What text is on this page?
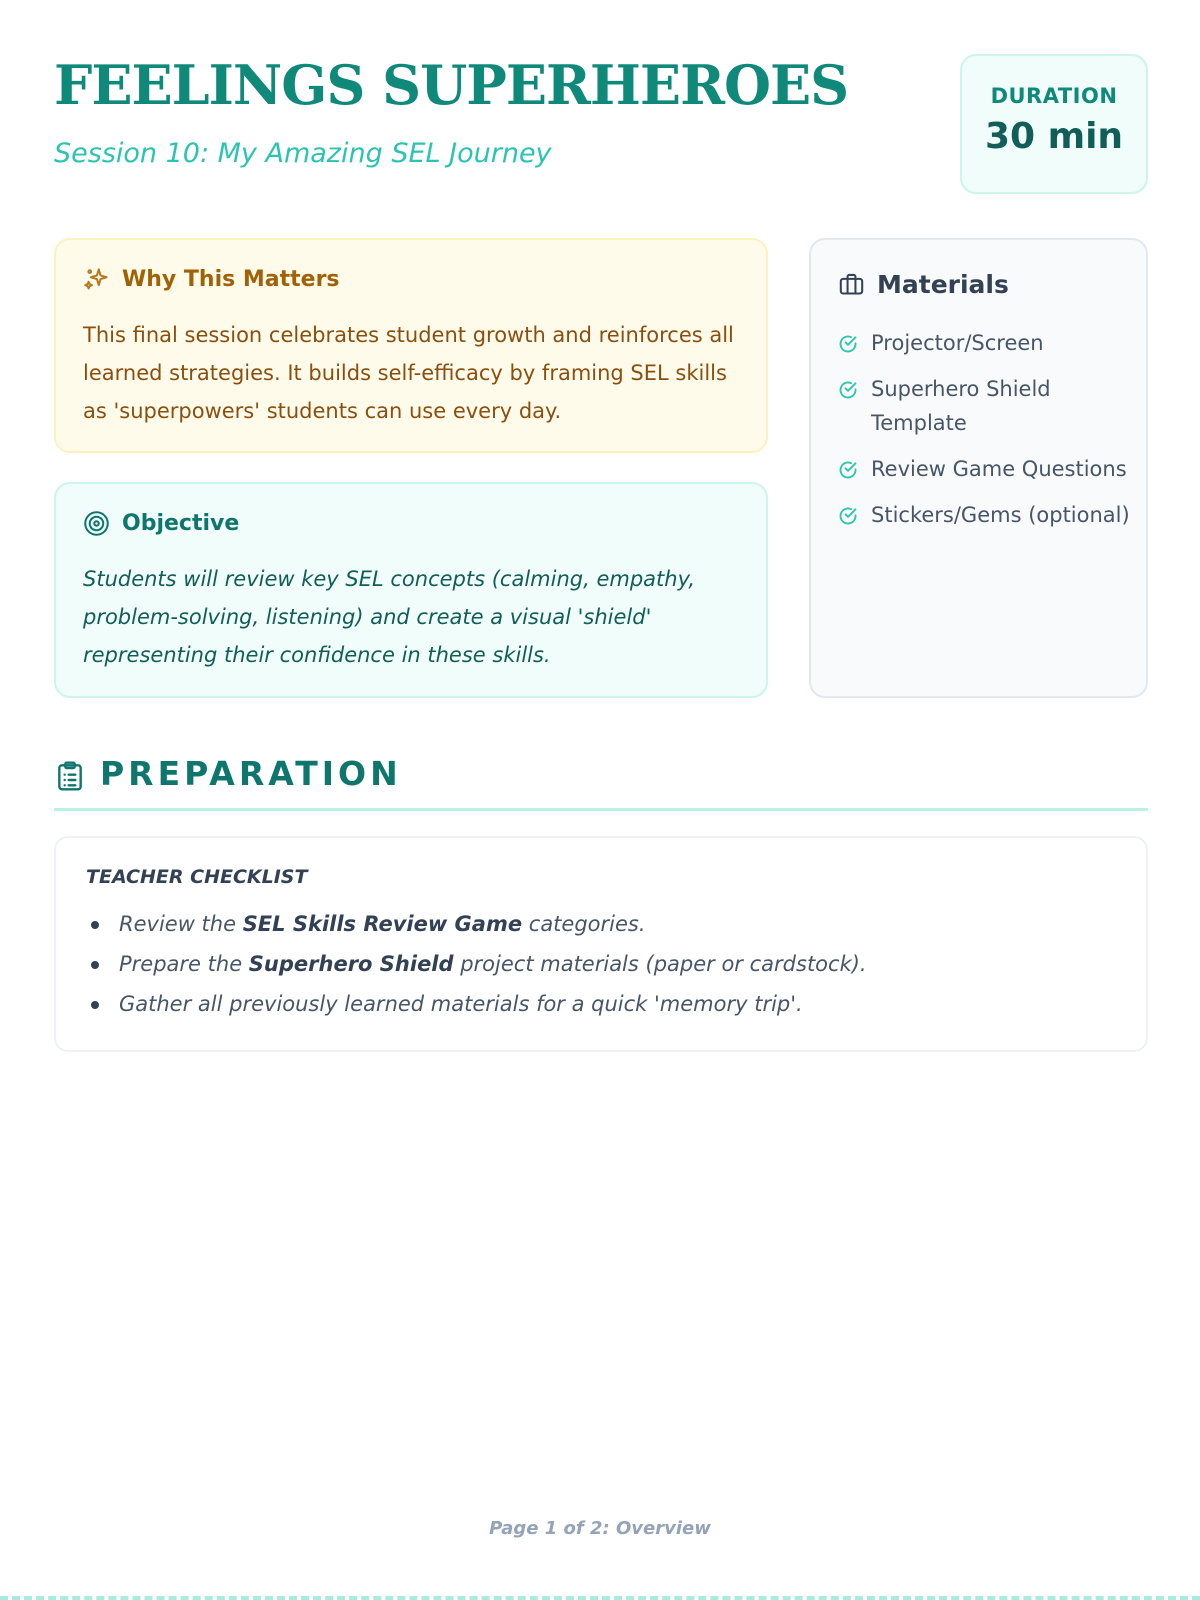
FEELINGS SUPERHEROES

Session 10: My Amazing SEL Journey

DURATION
30 min
Why This Matters

This final session celebrates student growth and reinforces all learned strategies. It builds self-efficacy by framing SEL skills as 'superpowers' students can use every day.

Objective

Students will review key SEL concepts (calming, empathy, problem-solving, listening) and create a visual 'shield' representing their confidence in these skills.

Materials
Projector/Screen
Superhero Shield Template
Review Game Questions
Stickers/Gems (optional)
PREPARATION
TEACHER CHECKLIST
Review the SEL Skills Review Game categories.
Prepare the Superhero Shield project materials (paper or cardstock).
Gather all previously learned materials for a quick 'memory trip'.
Page 1 of 2: Overview
